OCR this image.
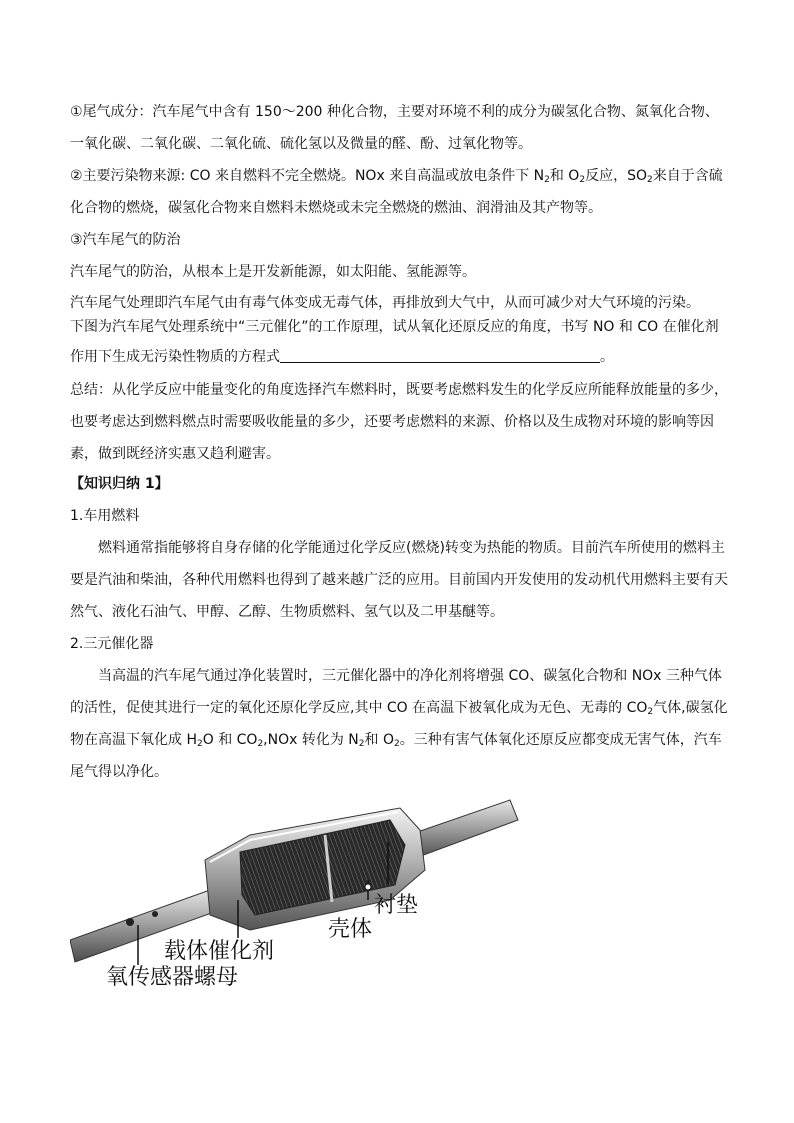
①尾气成分：汽车尾气中含有 150～200 种化合物，主要对环境不利的成分为碳氢化合物、氮氧化合物、一氧化碳、二氧化碳、二氧化硫、硫化氢以及微量的醛、酚、过氧化物等。

②主要污染物来源: CO 来自燃料不完全燃烧。NOx 来自高温或放电条件下 $N_2$和 $O_2$反应，$SO_2$来自于含硫化合物的燃烧，碳氢化合物来自燃料未燃烧或未完全燃烧的燃油、润滑油及其产物等。

③汽车尾气的防治

汽车尾气的防治，从根本上是开发新能源，如太阳能、氢能源等。

汽车尾气处理即汽车尾气由有毒气体变成无毒气体，再排放到大气中，从而可减少对大气环境的污染。

下图为汽车尾气处理系统中“三元催化”的工作原理，试从氧化还原反应的角度，书写 NO 和 CO 在催化剂作用下生成无污染性物质的方程式	。

总结：从化学反应中能量变化的角度选择汽车燃料时，既要考虑燃料发生的化学反应所能释放能量的多少，也要考虑达到燃料燃点时需要吸收能量的多少，还要考虑燃料的来源、价格以及生成物对环境的影响等因素，做到既经济实惠又趋利避害。

【知识归纳 1】

1.车用燃料

燃料通常指能够将自身存储的化学能通过化学反应(燃烧)转变为热能的物质。目前汽车所使用的燃料主要是汽油和柴油，各种代用燃料也得到了越来越广泛的应用。目前国内开发使用的发动机代用燃料主要有天然气、液化石油气、甲醇、乙醇、生物质燃料、氢气以及二甲基醚等。

2.三元催化器

当高温的汽车尾气通过净化装置时，三元催化器中的净化剂将增强 CO、碳氢化合物和 NOx 三种气体的活性，促使其进行一定的氧化还原化学反应,其中 CO 在高温下被氧化成为无色、无毒的 $CO_2$气体,碳氢化物在高温下氧化成 $H_2O$ 和 $CO_2,NOx$ 转化为 $N_2$和 $O_2$。三种有害气体氧化还原反应都变成无害气体，汽车尾气得以净化。

衬垫
壳体
载体催化剂
氧传感器螺母
